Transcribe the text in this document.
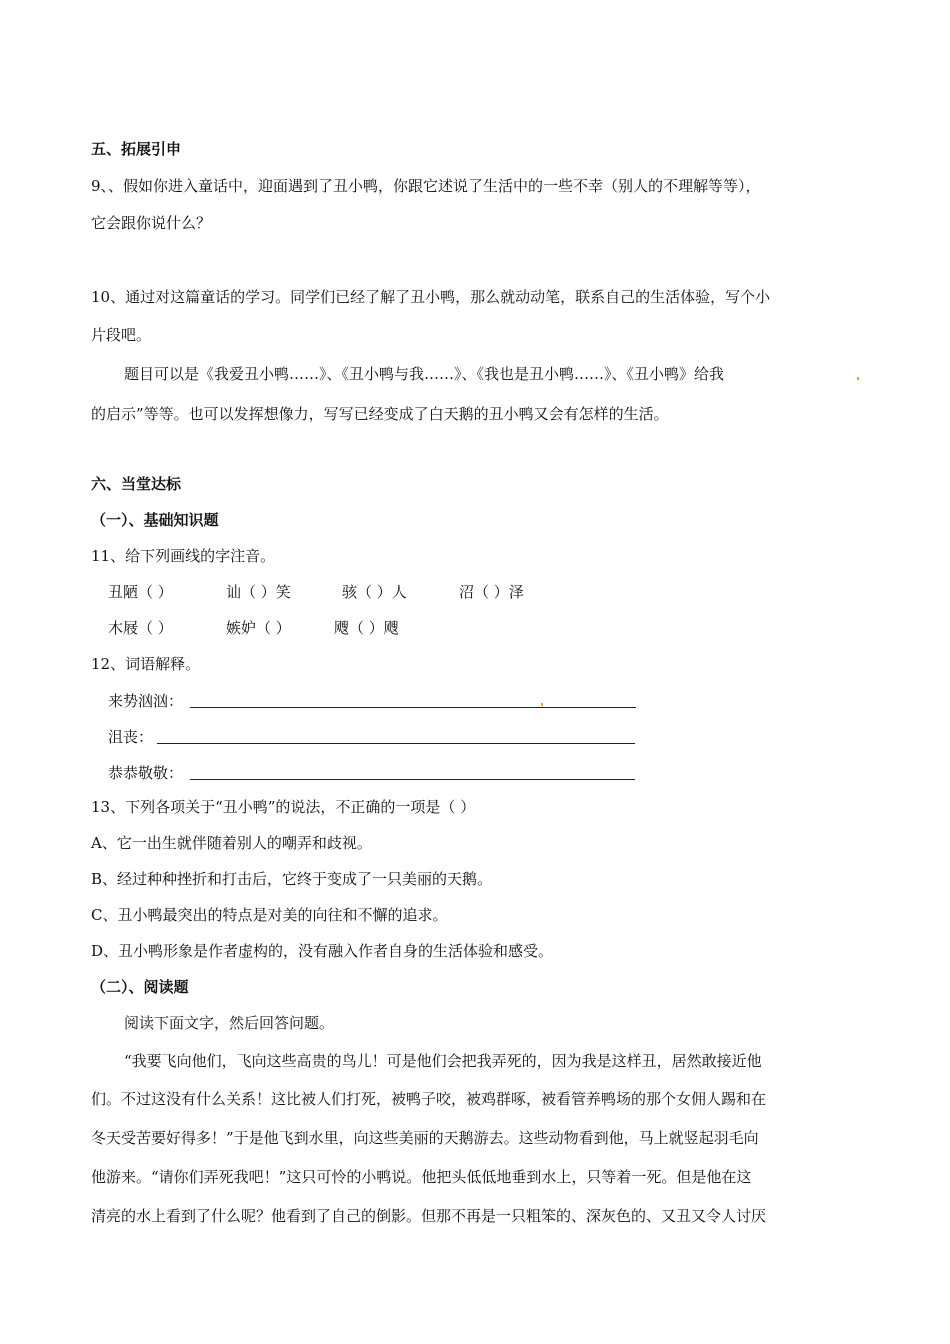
五、拓展引申
9、、假如你进入童话中，迎面遇到了丑小鸭，你跟它述说了生活中的一些不幸（别人的不理解等等），
它会跟你说什么？
10、通过对这篇童话的学习。同学们已经了解了丑小鸭，那么就动动笔，联系自己的生活体验，写个小
片段吧。
题目可以是《我爱丑小鸭……》、《丑小鸭与我……》、《我也是丑小鸭……》、《丑小鸭》给我
的启示”等等。也可以发挥想像力，写写已经变成了白天鹅的丑小鸭又会有怎样的生活。
六、当堂达标
（一）、基础知识题
11、给下列画线的字注音。
丑陋（ ）	讪（ ）笑	骇（ ）人	沼（ ）泽
木屐（ ）	嫉妒（ ）	飕（ ）飕
12、词语解释。
来势汹汹：
沮丧：
恭恭敬敬：
13、下列各项关于“丑小鸭”的说法，不正确的一项是（ ）
A、它一出生就伴随着别人的嘲弄和歧视。
B、经过种种挫折和打击后，它终于变成了一只美丽的天鹅。
C、丑小鸭最突出的特点是对美的向往和不懈的追求。
D、丑小鸭形象是作者虚构的，没有融入作者自身的生活体验和感受。
（二）、阅读题
阅读下面文字，然后回答问题。
“我要飞向他们，飞向这些高贵的鸟儿！可是他们会把我弄死的，因为我是这样丑，居然敢接近他
们。不过这没有什么关系！这比被人们打死，被鸭子咬，被鸡群啄，被看管养鸭场的那个女佣人踢和在
冬天受苦要好得多！”于是他飞到水里，向这些美丽的天鹅游去。这些动物看到他，马上就竖起羽毛向
他游来。“请你们弄死我吧！”这只可怜的小鸭说。他把头低低地垂到水上，只等着一死。但是他在这
清亮的水上看到了什么呢？他看到了自己的倒影。但那不再是一只粗笨的、深灰色的、又丑又令人讨厌
